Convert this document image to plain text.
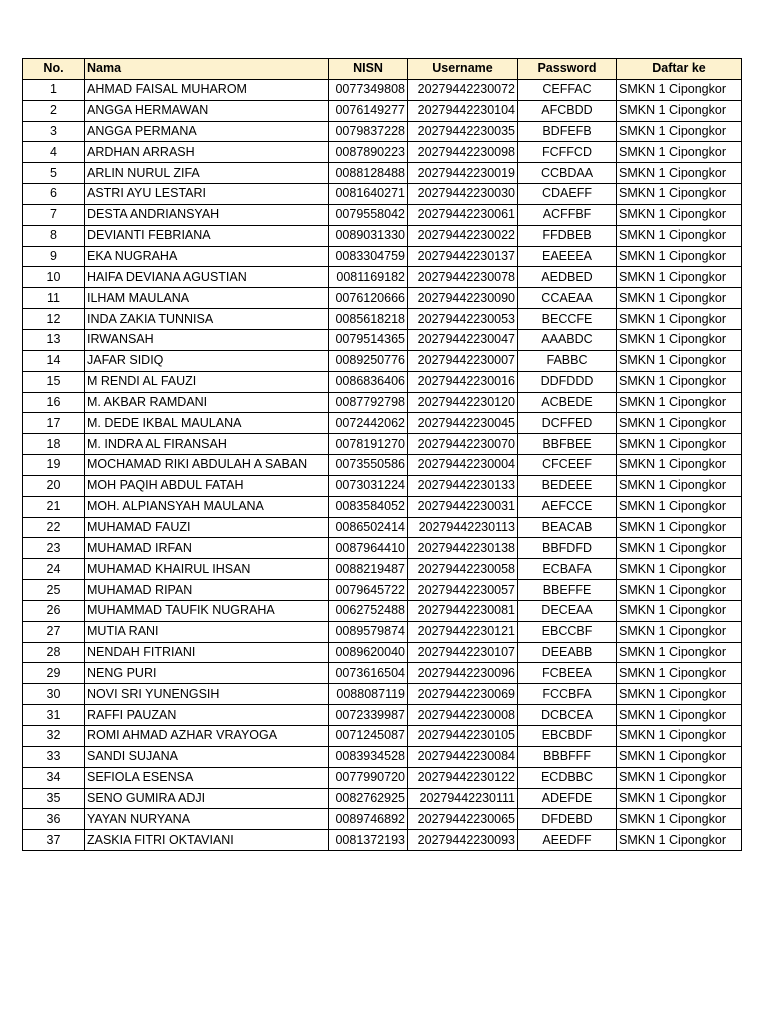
No.	Nama	NISN	Username	Password	Daftar ke
1	AHMAD FAISAL MUHAROM	0077349808	20279442230072	CEFFAC	SMKN 1 Cipongkor
2	ANGGA HERMAWAN	0076149277	20279442230104	AFCBDD	SMKN 1 Cipongkor
3	ANGGA PERMANA	0079837228	20279442230035	BDFEFB	SMKN 1 Cipongkor
4	ARDHAN ARRASH	0087890223	20279442230098	FCFFCD	SMKN 1 Cipongkor
5	ARLIN NURUL ZIFA	0088128488	20279442230019	CCBDAA	SMKN 1 Cipongkor
6	ASTRI AYU LESTARI	0081640271	20279442230030	CDAEFF	SMKN 1 Cipongkor
7	DESTA ANDRIANSYAH	0079558042	20279442230061	ACFFBF	SMKN 1 Cipongkor
8	DEVIANTI FEBRIANA	0089031330	20279442230022	FFDBEB	SMKN 1 Cipongkor
9	EKA NUGRAHA	0083304759	20279442230137	EAEEEA	SMKN 1 Cipongkor
10	HAIFA DEVIANA AGUSTIAN	0081169182	20279442230078	AEDBED	SMKN 1 Cipongkor
11	ILHAM MAULANA	0076120666	20279442230090	CCAEAA	SMKN 1 Cipongkor
12	INDA ZAKIA TUNNISA	0085618218	20279442230053	BECCFE	SMKN 1 Cipongkor
13	IRWANSAH	0079514365	20279442230047	AAABDC	SMKN 1 Cipongkor
14	JAFAR SIDIQ	0089250776	20279442230007	FABBC	SMKN 1 Cipongkor
15	M RENDI AL FAUZI	0086836406	20279442230016	DDFDDD	SMKN 1 Cipongkor
16	M. AKBAR RAMDANI	0087792798	20279442230120	ACBEDE	SMKN 1 Cipongkor
17	M. DEDE IKBAL MAULANA	0072442062	20279442230045	DCFFED	SMKN 1 Cipongkor
18	M. INDRA AL FIRANSAH	0078191270	20279442230070	BBFBEE	SMKN 1 Cipongkor
19	MOCHAMAD RIKI ABDULAH A SABAN	0073550586	20279442230004	CFCEEF	SMKN 1 Cipongkor
20	MOH PAQIH ABDUL FATAH	0073031224	20279442230133	BEDEEE	SMKN 1 Cipongkor
21	MOH. ALPIANSYAH MAULANA	0083584052	20279442230031	AEFCCE	SMKN 1 Cipongkor
22	MUHAMAD FAUZI	0086502414	20279442230113	BEACAB	SMKN 1 Cipongkor
23	MUHAMAD IRFAN	0087964410	20279442230138	BBFDFD	SMKN 1 Cipongkor
24	MUHAMAD KHAIRUL IHSAN	0088219487	20279442230058	ECBAFA	SMKN 1 Cipongkor
25	MUHAMAD RIPAN	0079645722	20279442230057	BBEFFE	SMKN 1 Cipongkor
26	MUHAMMAD TAUFIK NUGRAHA	0062752488	20279442230081	DECEAA	SMKN 1 Cipongkor
27	MUTIA RANI	0089579874	20279442230121	EBCCBF	SMKN 1 Cipongkor
28	NENDAH FITRIANI	0089620040	20279442230107	DEEABB	SMKN 1 Cipongkor
29	NENG PURI	0073616504	20279442230096	FCBEEA	SMKN 1 Cipongkor
30	NOVI SRI YUNENGSIH	0088087119	20279442230069	FCCBFA	SMKN 1 Cipongkor
31	RAFFI PAUZAN	0072339987	20279442230008	DCBCEA	SMKN 1 Cipongkor
32	ROMI AHMAD AZHAR VRAYOGA	0071245087	20279442230105	EBCBDF	SMKN 1 Cipongkor
33	SANDI SUJANA	0083934528	20279442230084	BBBFFF	SMKN 1 Cipongkor
34	SEFIOLA ESENSA	0077990720	20279442230122	ECDBBC	SMKN 1 Cipongkor
35	SENO GUMIRA ADJI	0082762925	20279442230111	ADEFDE	SMKN 1 Cipongkor
36	YAYAN NURYANA	0089746892	20279442230065	DFDEBD	SMKN 1 Cipongkor
37	ZASKIA FITRI OKTAVIANI	0081372193	20279442230093	AEEDFF	SMKN 1 Cipongkor
